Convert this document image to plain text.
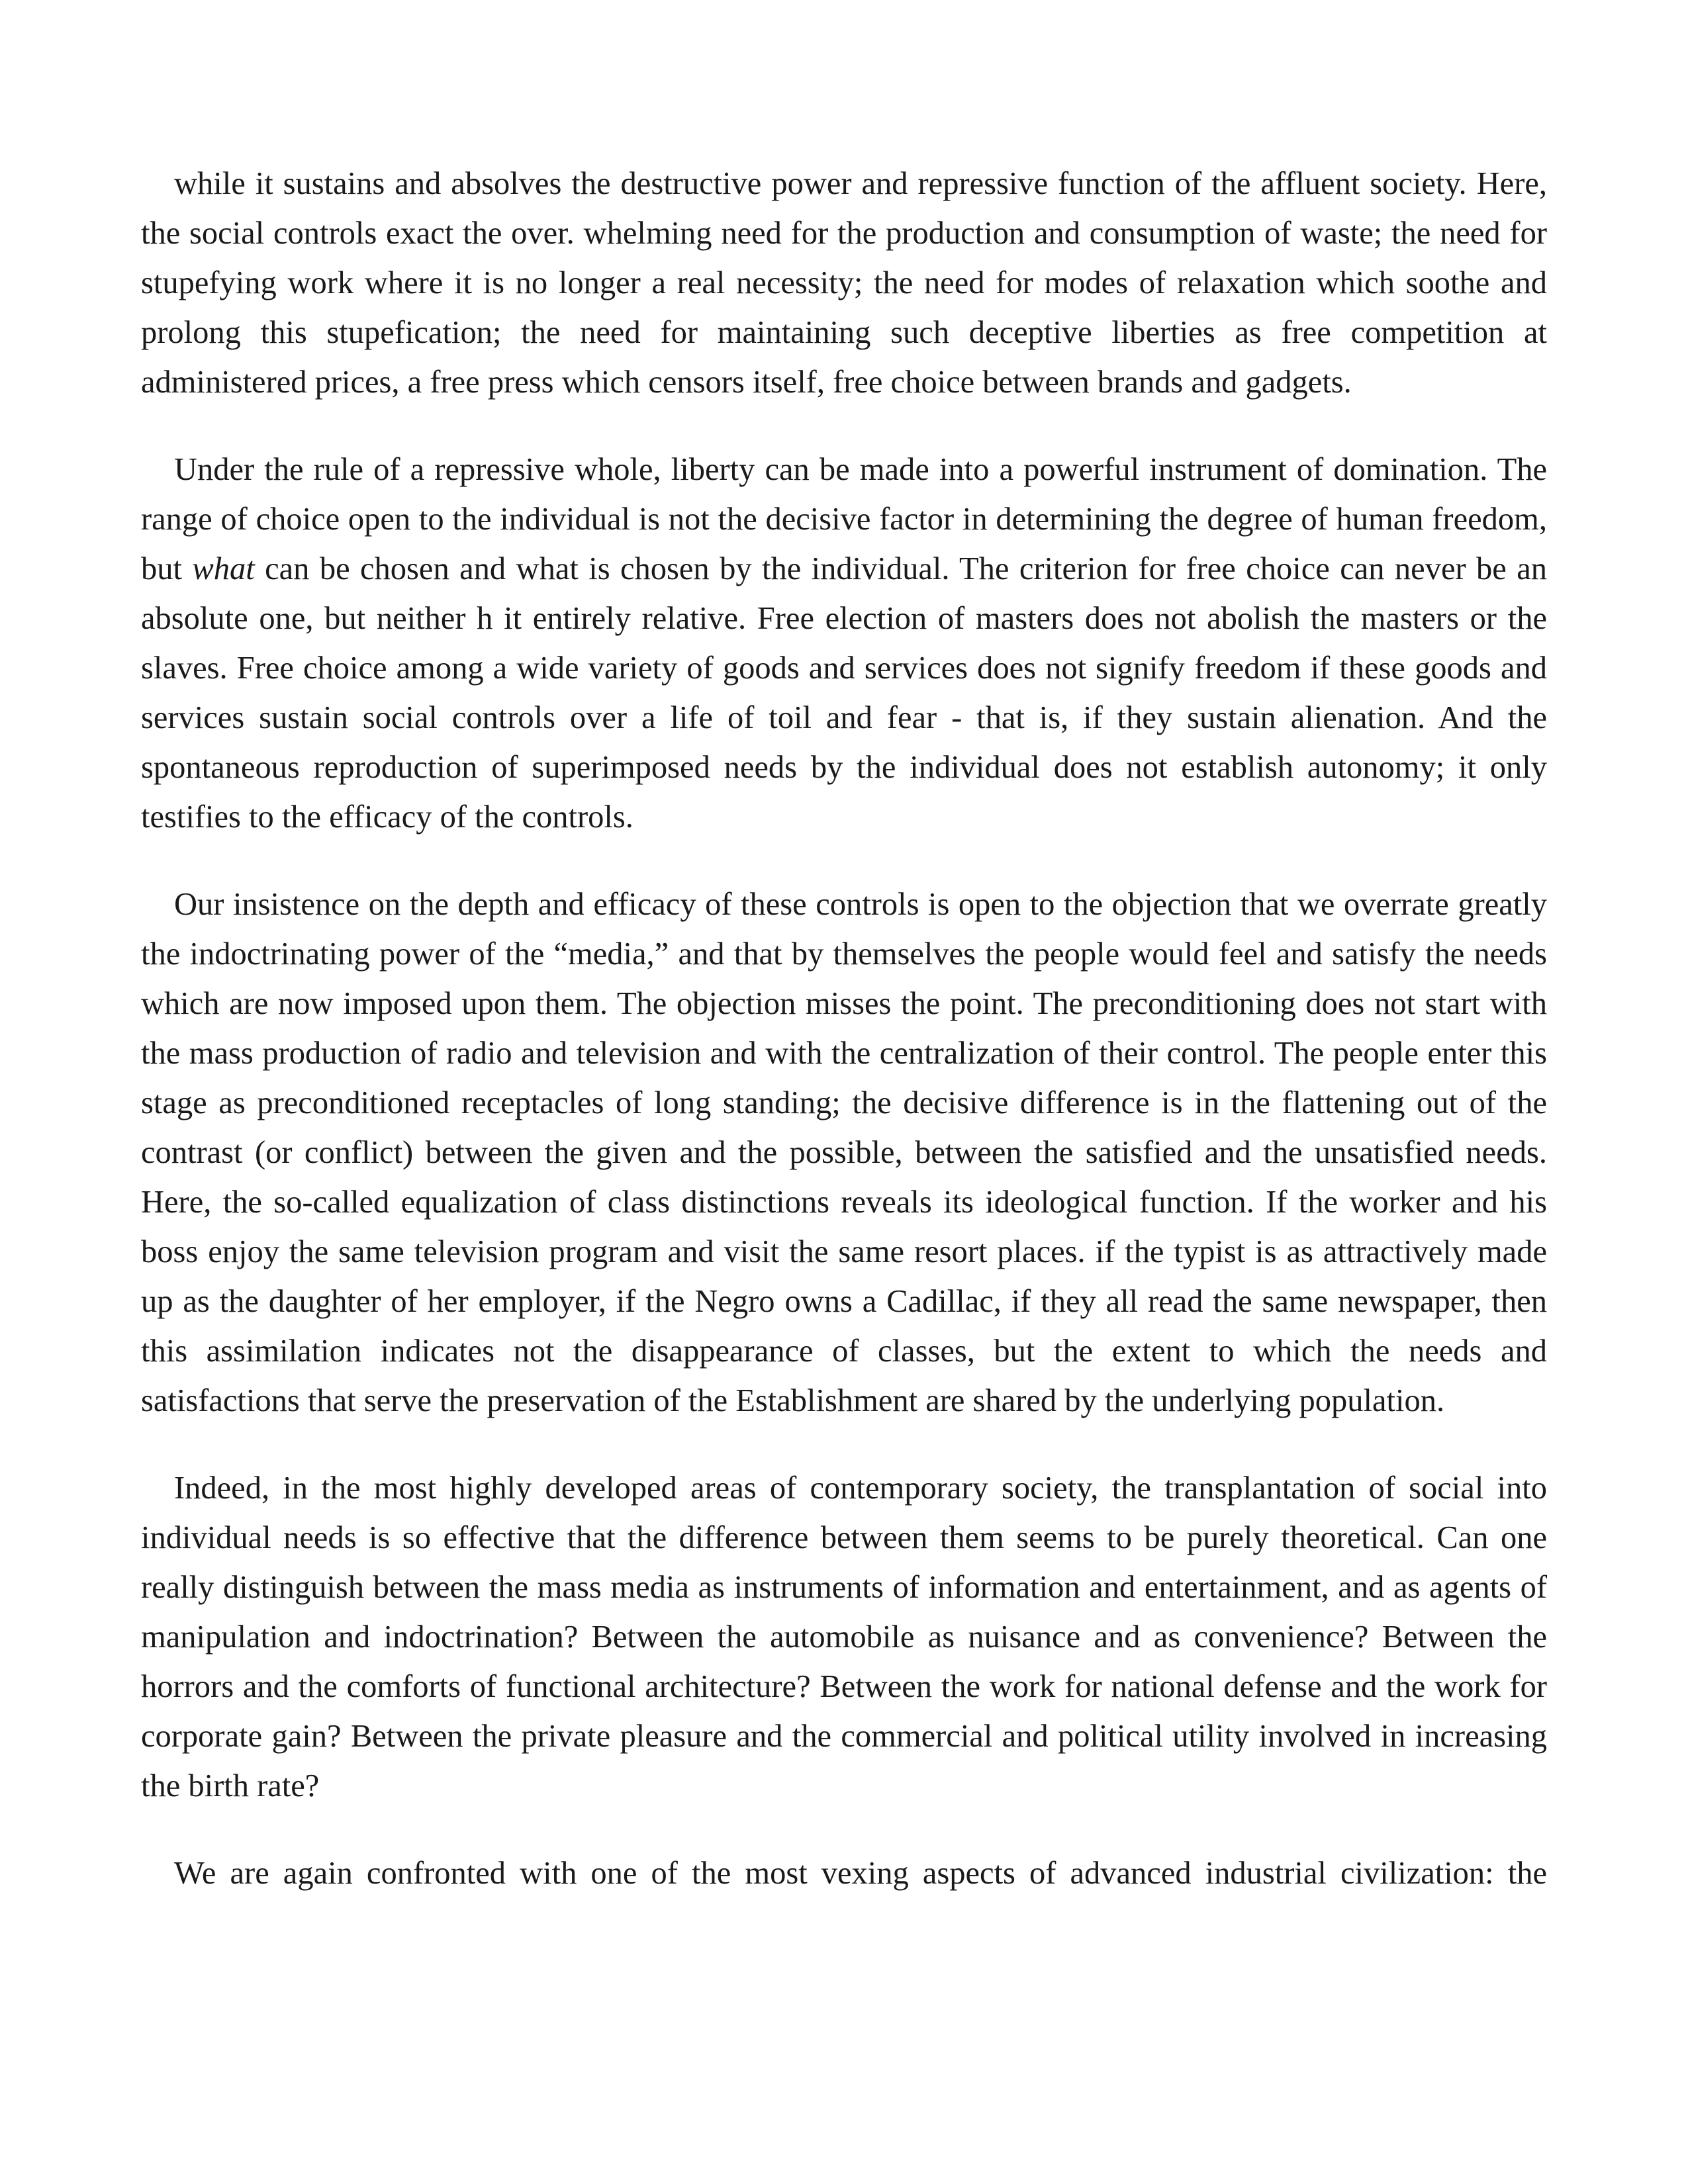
while it sustains and absolves the destructive power and repressive function of the affluent society. Here, the social controls exact the over. whelming need for the production and consumption of waste; the need for stupefying work where it is no longer a real necessity; the need for modes of relaxation which soothe and prolong this stupefication; the need for maintaining such deceptive liberties as free competition at administered prices, a free press which censors itself, free choice between brands and gadgets.

Under the rule of a repressive whole, liberty can be made into a powerful instrument of domination. The range of choice open to the individual is not the decisive factor in determining the degree of human freedom, but what can be chosen and what is chosen by the individual. The criterion for free choice can never be an absolute one, but neither h it entirely relative. Free election of masters does not abolish the masters or the slaves. Free choice among a wide variety of goods and services does not signify freedom if these goods and services sustain social controls over a life of toil and fear - that is, if they sustain alienation. And the spontaneous reproduction of superimposed needs by the individual does not establish autonomy; it only testifies to the efficacy of the controls.

Our insistence on the depth and efficacy of these controls is open to the objection that we overrate greatly the indoctrinating power of the “media,” and that by themselves the people would feel and satisfy the needs which are now imposed upon them. The objection misses the point. The preconditioning does not start with the mass production of radio and television and with the centralization of their control. The people enter this stage as preconditioned receptacles of long standing; the decisive difference is in the flattening out of the contrast (or conflict) between the given and the possible, between the satisfied and the unsatisfied needs. Here, the so-called equalization of class distinctions reveals its ideological function. If the worker and his boss enjoy the same television program and visit the same resort places. if the typist is as attractively made up as the daughter of her employer, if the Negro owns a Cadillac, if they all read the same newspaper, then this assimilation indicates not the disappearance of classes, but the extent to which the needs and satisfactions that serve the preservation of the Establishment are shared by the underlying population.

Indeed, in the most highly developed areas of contemporary society, the transplantation of social into individual needs is so effective that the difference between them seems to be purely theoretical. Can one really distinguish between the mass media as instruments of information and entertainment, and as agents of manipulation and indoctrination? Between the automobile as nuisance and as convenience? Between the horrors and the comforts of functional architecture? Between the work for national defense and the work for corporate gain? Between the private pleasure and the commercial and political utility involved in increasing the birth rate?

We are again confronted with one of the most vexing aspects of advanced industrial civilization: the
